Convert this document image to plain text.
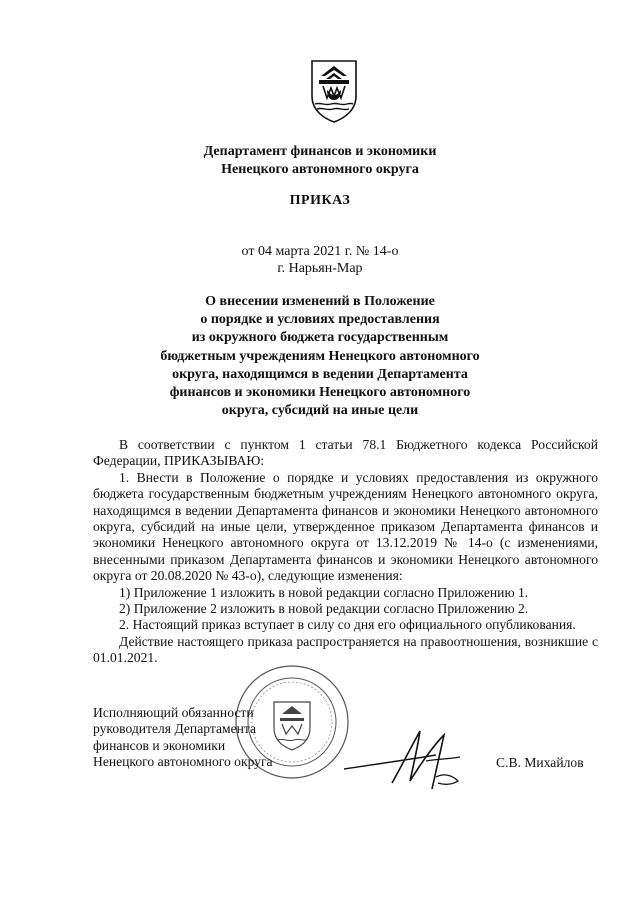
Департамент финансов и экономики
Ненецкого автономного округа
ПРИКАЗ
от 04 марта 2021 г. № 14-о
г. Нарьян-Мар
О внесении изменений в Положение
о порядке и условиях предоставления
из окружного бюджета государственным
бюджетным учреждениям Ненецкого автономного
округа, находящимся в ведении Департамента
финансов и экономики Ненецкого автономного
округа, субсидий на иные цели

В соответствии с пунктом 1 статьи 78.1 Бюджетного кодекса Российской Федерации, ПРИКАЗЫВАЮ:

1. Внести в Положение о порядке и условиях предоставления из окружного бюджета государственным бюджетным учреждениям Ненецкого автономного округа, находящимся в ведении Департамента финансов и экономики Ненецкого автономного округа, субсидий на иные цели, утвержденное приказом Департамента финансов и экономики Ненецкого автономного округа от 13.12.2019 № 14-о (с изменениями, внесенными приказом Департамента финансов и экономики Ненецкого автономного округа от 20.08.2020 № 43-о), следующие изменения:

1) Приложение 1 изложить в новой редакции согласно Приложению 1.

2) Приложение 2 изложить в новой редакции согласно Приложению 2.

2. Настоящий приказ вступает в силу со дня его официального опубликования.

Действие настоящего приказа распространяется на правоотношения, возникшие с 01.01.2021.

Исполняющий обязанности
руководителя Департамента
финансов и экономики
Ненецкого автономного округа	С.В. Михайлов
